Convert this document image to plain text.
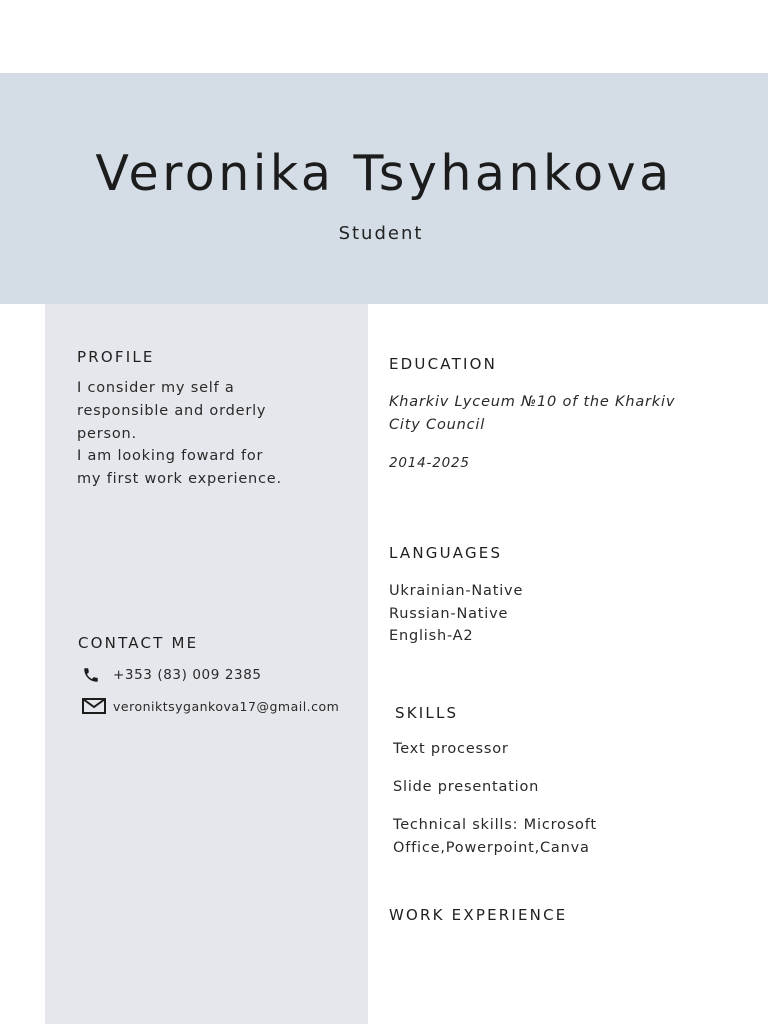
Veronika Tsyhankova
Student
PROFILE
I consider my self a
responsible and orderly
person.
I am looking foward for
my first work experience.
CONTACT ME
+353 (83) 009 2385
veroniktsygankova17@gmail.com
EDUCATION
Kharkiv Lyceum №10 of the Kharkiv
City Council
2014-2025
LANGUAGES
Ukrainian-Native
Russian-Native
English-A2
SKILLS
Text processor
Slide presentation
Technical skills: Microsoft
Office,Powerpoint,Canva
WORK EXPERIENCE
